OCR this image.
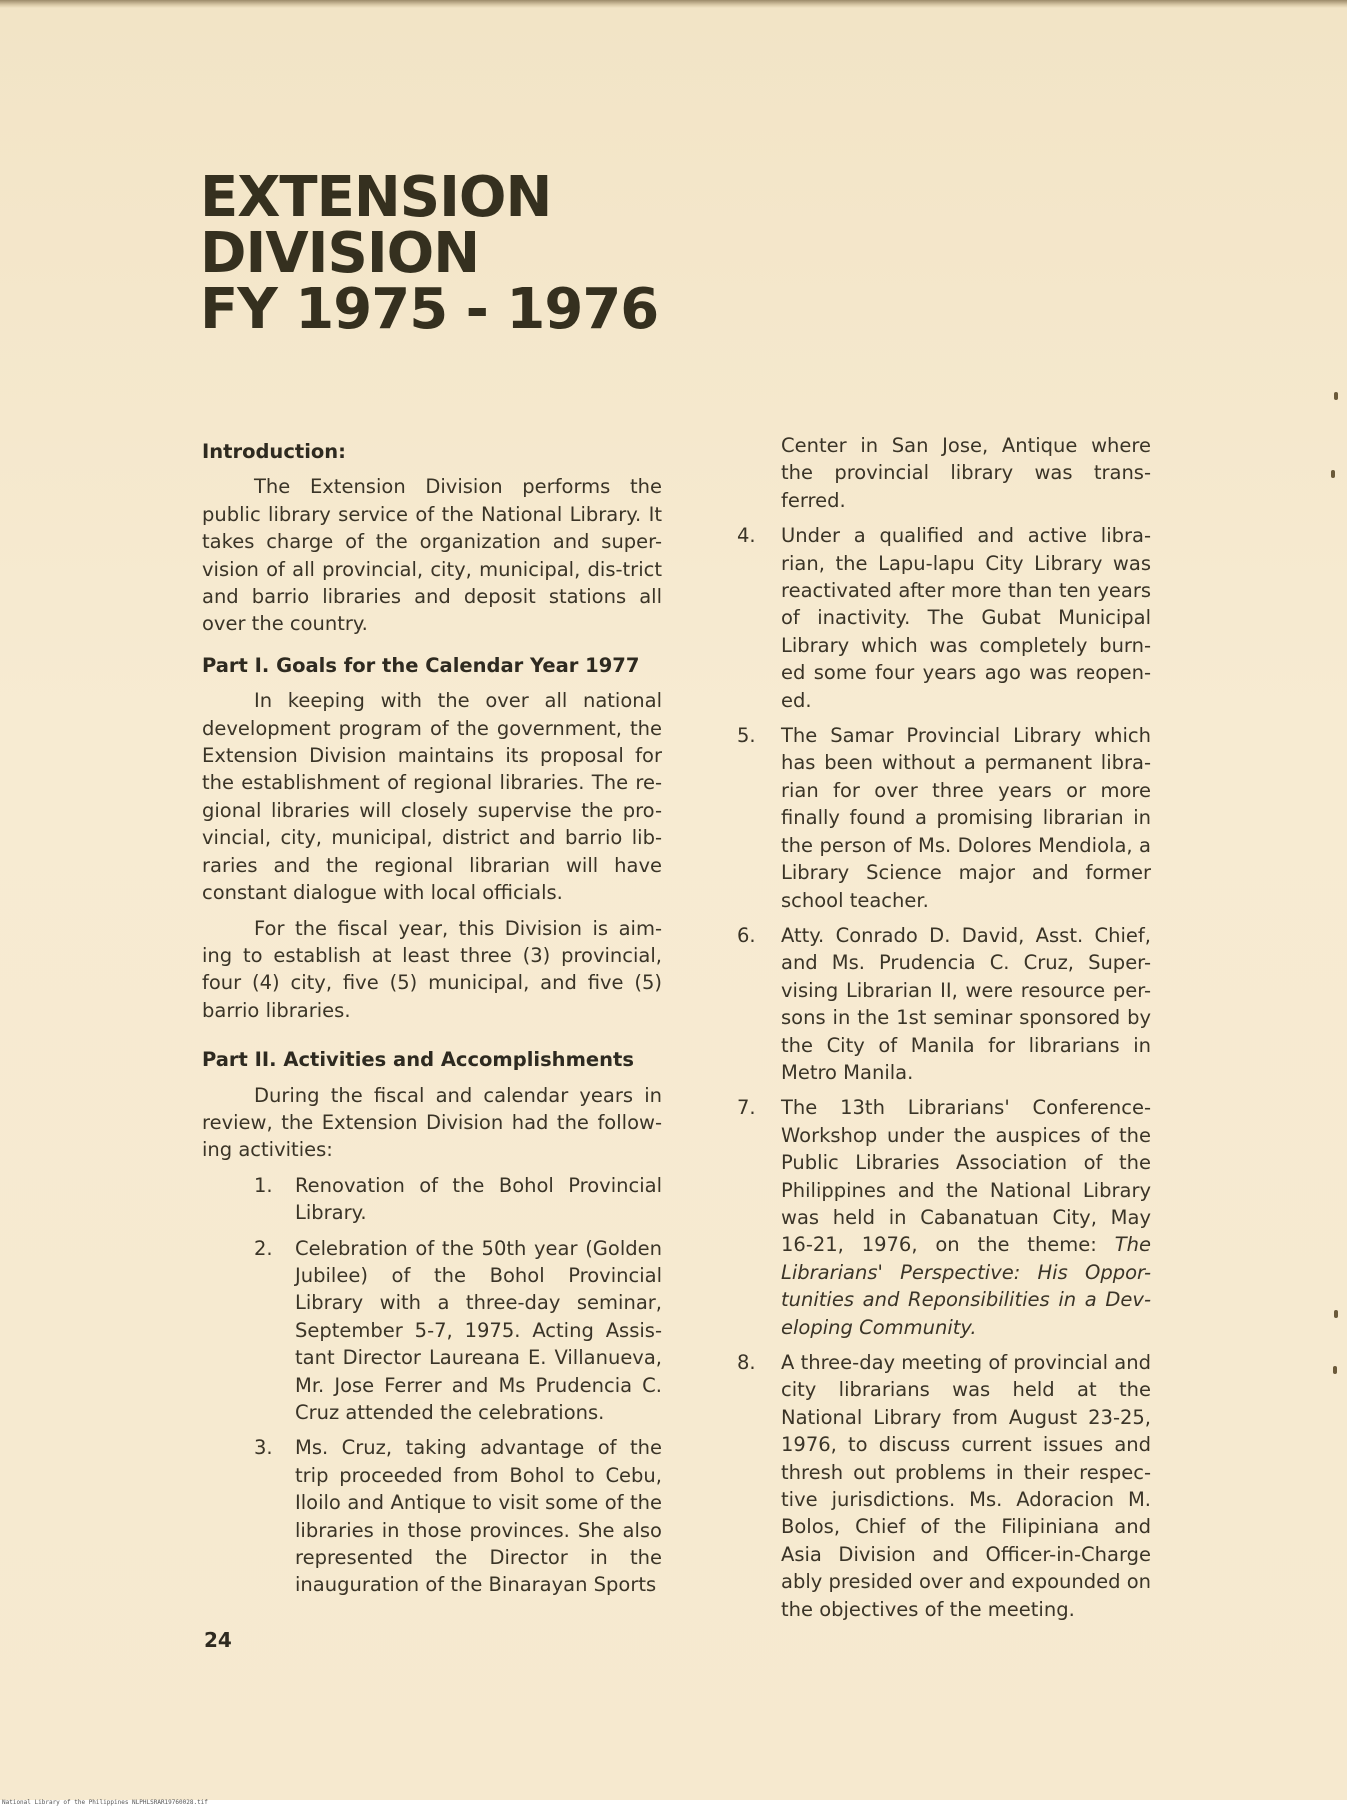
EXTENSION
DIVISION
FY 1975 - 1976

Introduction:

The Extension Division performs the public library service of the National Library. It takes charge of the organization and super-vision of all provincial, city, municipal, dis-trict and barrio libraries and deposit stations all over the country.

Part I. Goals for the Calendar Year 1977

In keeping with the over all national development program of the government, the Extension Division maintains its proposal for the establishment of regional libraries. The re-gional libraries will closely supervise the pro-vincial, city, municipal, district and barrio lib-raries and the regional librarian will have constant dialogue with local officials.

For the fiscal year, this Division is aim-ing to establish at least three (3) provincial, four (4) city, five (5) municipal, and five (5) barrio libraries.

Part II. Activities and Accomplishments

During the fiscal and calendar years in review, the Extension Division had the follow-ing activities:

1.	Renovation of the Bohol Provincial Library.
2.	Celebration of the 50th year (Golden Jubilee) of the Bohol Provincial Library with a three-day seminar, September 5-7, 1975. Acting Assis-tant Director Laureana E. Villanueva, Mr. Jose Ferrer and Ms Prudencia C. Cruz attended the celebrations.
3.	Ms. Cruz, taking advantage of the trip proceeded from Bohol to Cebu, Iloilo and Antique to visit some of the libraries in those provinces. She also represented the Director in the inauguration of the Binarayan Sports
Center in San Jose, Antique where the provincial library was trans-ferred.
4.	Under a qualified and active libra-rian, the Lapu-lapu City Library was reactivated after more than ten years of inactivity. The Gubat Municipal Library which was completely burn-ed some four years ago was reopen-ed.
5.	The Samar Provincial Library which has been without a permanent libra-rian for over three years or more finally found a promising librarian in the person of Ms. Dolores Mendiola, a Library Science major and former school teacher.
6.	Atty. Conrado D. David, Asst. Chief, and Ms. Prudencia C. Cruz, Super-vising Librarian II, were resource per-sons in the 1st seminar sponsored by the City of Manila for librarians in Metro Manila.
7.	The 13th Librarians' Conference-Workshop under the auspices of the Public Libraries Association of the Philippines and the National Library was held in Cabanatuan City, May 16-21, 1976, on the theme: The Librarians' Perspective: His Oppor-tunities and Reponsibilities in a Dev-eloping Community.
8.	A three-day meeting of provincial and city librarians was held at the National Library from August 23-25, 1976, to discuss current issues and thresh out problems in their respec-tive jurisdictions. Ms. Adoracion M. Bolos, Chief of the Filipiniana and Asia Division and Officer-in-Charge ably presided over and expounded on the objectives of the meeting.
24
National Library of the Philippines NLPHLSRAR19760028.tif
